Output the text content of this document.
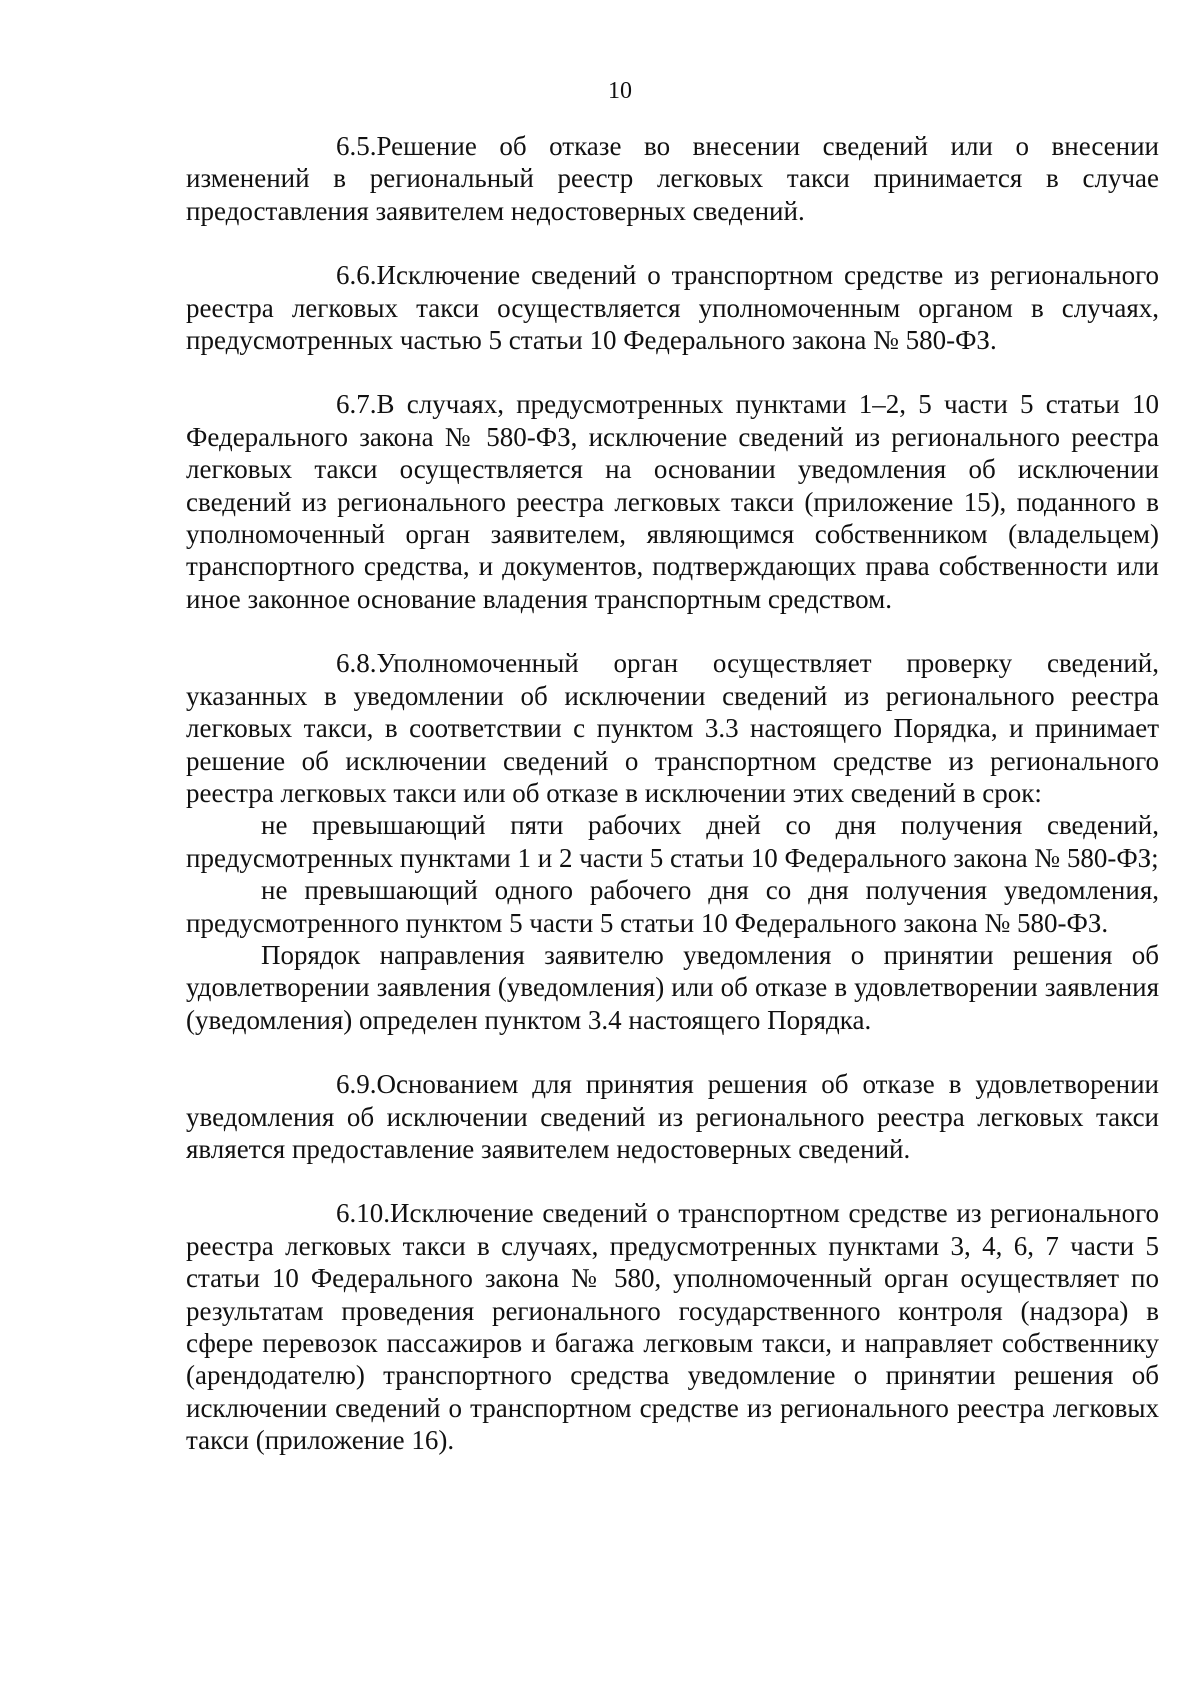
10

6.5.Решение об отказе во внесении сведений или о внесении изменений в региональный реестр легковых такси принимается в случае предоставления заявителем недостоверных сведений.

6.6.Исключение сведений о транспортном средстве из регионального реестра легковых такси осуществляется уполномоченным органом в случаях, предусмотренных частью 5 статьи 10 Федерального закона № 580-ФЗ.

6.7.В случаях, предусмотренных пунктами 1–2, 5 части 5 статьи 10 Федерального закона № 580-ФЗ, исключение сведений из регионального реестра легковых такси осуществляется на основании уведомления об исключении сведений из регионального реестра легковых такси (приложение 15), поданного в уполномоченный орган заявителем, являющимся собственником (владельцем) транспортного средства, и документов, подтверждающих права собственности или иное законное основание владения транспортным средством.

6.8.Уполномоченный орган осуществляет проверку сведений, указанных в уведомлении об исключении сведений из регионального реестра легковых такси, в соответствии с пунктом 3.3 настоящего Порядка, и принимает решение об исключении сведений о транспортном средстве из регионального реестра легковых такси или об отказе в исключении этих сведений в срок:

не превышающий пяти рабочих дней со дня получения сведений, предусмотренных пунктами 1 и 2 части 5 статьи 10 Федерального закона № 580-ФЗ;

не превышающий одного рабочего дня со дня получения уведомления, предусмотренного пунктом 5 части 5 статьи 10 Федерального закона № 580-ФЗ.

Порядок направления заявителю уведомления о принятии решения об удовлетворении заявления (уведомления) или об отказе в удовлетворении заявления (уведомления) определен пунктом 3.4 настоящего Порядка.

6.9.Основанием для принятия решения об отказе в удовлетворении уведомления об исключении сведений из регионального реестра легковых такси является предоставление заявителем недостоверных сведений.

6.10.Исключение сведений о транспортном средстве из регионального реестра легковых такси в случаях, предусмотренных пунктами 3, 4, 6, 7 части 5 статьи 10 Федерального закона № 580, уполномоченный орган осуществляет по результатам проведения регионального государственного контроля (надзора) в сфере перевозок пассажиров и багажа легковым такси, и направляет собственнику (арендодателю) транспортного средства уведомление о принятии решения об исключении сведений о транспортном средстве из регионального реестра легковых такси (приложение 16).
